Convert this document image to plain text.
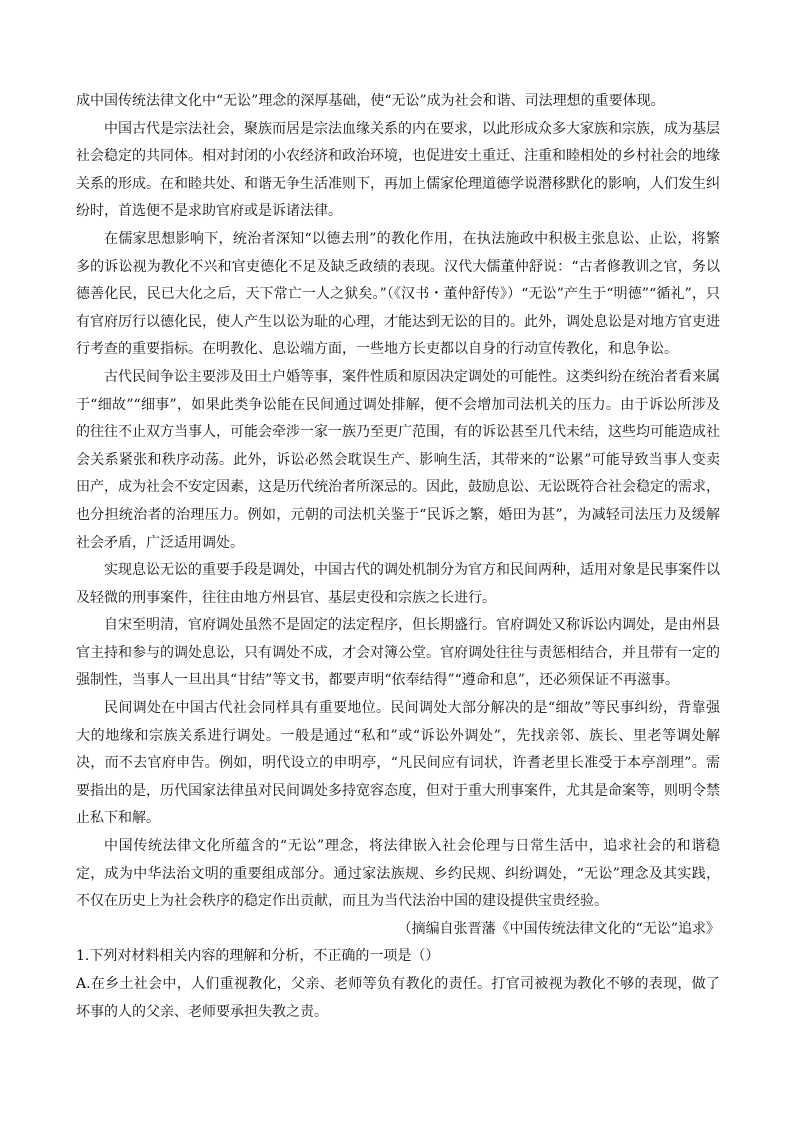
成中国传统法律文化中“无讼”理念的深厚基础，使“无讼”成为社会和谐、司法理想的重要体现。

中国古代是宗法社会，聚族而居是宗法血缘关系的内在要求，以此形成众多大家族和宗族，成为基层社会稳定的共同体。相对封闭的小农经济和政治环境，也促进安土重迁、注重和睦相处的乡村社会的地缘关系的形成。在和睦共处、和谐无争生活准则下，再加上儒家伦理道德学说潜移默化的影响，人们发生纠纷时，首选便不是求助官府或是诉诸法律。

在儒家思想影响下，统治者深知“以德去刑”的教化作用，在执法施政中积极主张息讼、止讼，将繁多的诉讼视为教化不兴和官吏德化不足及缺乏政绩的表现。汉代大儒董仲舒说：“古者修教训之官，务以德善化民，民已大化之后，天下常亡一人之狱矣。”（《汉书・董仲舒传》）“无讼”产生于“明德”“循礼”，只有官府厉行以德化民，使人产生以讼为耻的心理，才能达到无讼的目的。此外，调处息讼是对地方官吏进行考查的重要指标。在明教化、息讼端方面，一些地方长吏都以自身的行动宣传教化，和息争讼。

古代民间争讼主要涉及田土户婚等事，案件性质和原因决定调处的可能性。这类纠纷在统治者看来属于“细故”“细事”，如果此类争讼能在民间通过调处排解，便不会增加司法机关的压力。由于诉讼所涉及的往往不止双方当事人，可能会牵涉一家一族乃至更广范围，有的诉讼甚至几代未结，这些均可能造成社会关系紧张和秩序动荡。此外，诉讼必然会耽误生产、影响生活，其带来的“讼累”可能导致当事人变卖田产，成为社会不安定因素，这是历代统治者所深忌的。因此，鼓励息讼、无讼既符合社会稳定的需求，也分担统治者的治理压力。例如，元朝的司法机关鉴于“民诉之繁，婚田为甚”，为减轻司法压力及缓解社会矛盾，广泛适用调处。

实现息讼无讼的重要手段是调处，中国古代的调处机制分为官方和民间两种，适用对象是民事案件以及轻微的刑事案件，往往由地方州县官、基层吏役和宗族之长进行。

自宋至明清，官府调处虽然不是固定的法定程序，但长期盛行。官府调处又称诉讼内调处，是由州县官主持和参与的调处息讼，只有调处不成，才会对簿公堂。官府调处往往与责惩相结合，并且带有一定的强制性，当事人一旦出具“甘结”等文书，都要声明“依奉结得”“遵命和息”，还必须保证不再滋事。

民间调处在中国古代社会同样具有重要地位。民间调处大部分解决的是“细故”等民事纠纷，背靠强大的地缘和宗族关系进行调处。一般是通过“私和”或“诉讼外调处”，先找亲邻、族长、里老等调处解决，而不去官府申告。例如，明代设立的申明亭，“凡民间应有词状，许耆老里长准受于本亭剖理”。需要指出的是，历代国家法律虽对民间调处多持宽容态度，但对于重大刑事案件，尤其是命案等，则明令禁止私下和解。

中国传统法律文化所蕴含的“无讼”理念，将法律嵌入社会伦理与日常生活中，追求社会的和谐稳定，成为中华法治文明的重要组成部分。通过家法族规、乡约民规、纠纷调处，“无讼”理念及其实践，不仅在历史上为社会秩序的稳定作出贡献，而且为当代法治中国的建设提供宝贵经验。

（摘编自张晋藩《中国传统法律文化的“无讼”追求》

1.下列对材料相关内容的理解和分析，不正确的一项是（）

A.在乡土社会中，人们重视教化，父亲、老师等负有教化的责任。打官司被视为教化不够的表现，做了坏事的人的父亲、老师要承担失教之责。
